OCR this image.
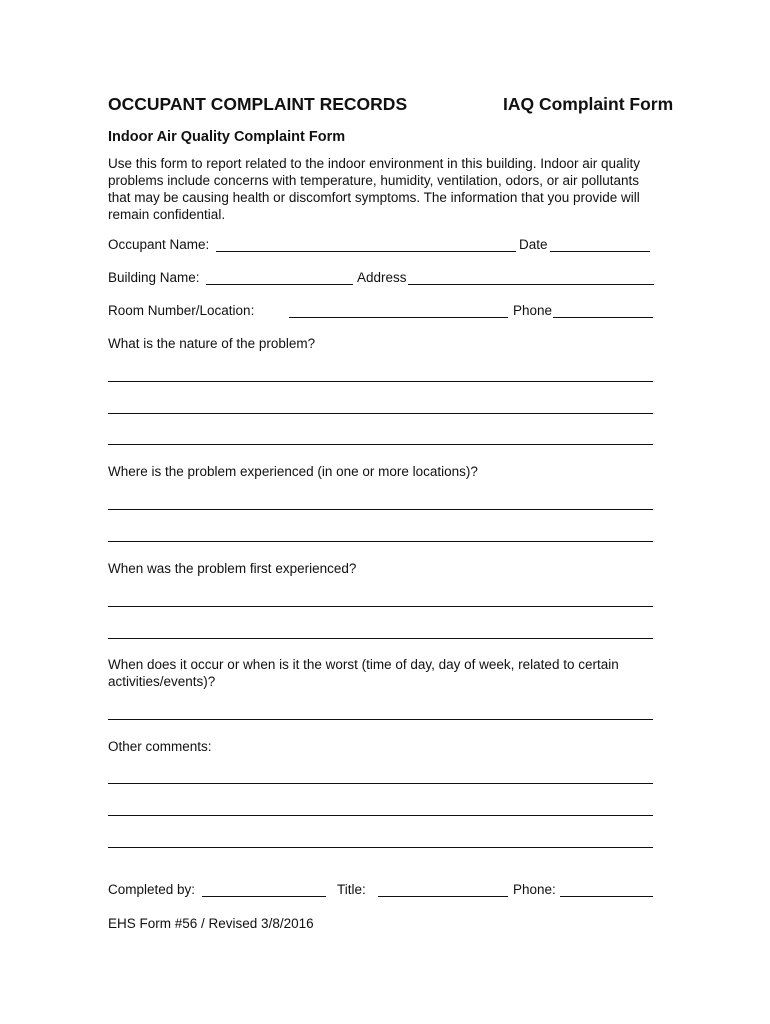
OCCUPANT COMPLAINT RECORDS	IAQ Complaint Form
Indoor Air Quality Complaint Form
Use this form to report related to the indoor environment in this building. Indoor air quality
problems include concerns with temperature, humidity, ventilation, odors, or air pollutants
that may be causing health or discomfort symptoms. The information that you provide will
remain confidential.
Occupant Name:	Date
Building Name:	Address
Room Number/Location:	Phone
What is the nature of the problem?
Where is the problem experienced (in one or more locations)?
When was the problem first experienced?
When does it occur or when is it the worst (time of day, day of week, related to certain
activities/events)?
Other comments:
Completed by:	Title:	Phone:
EHS Form #56 / Revised 3/8/2016
